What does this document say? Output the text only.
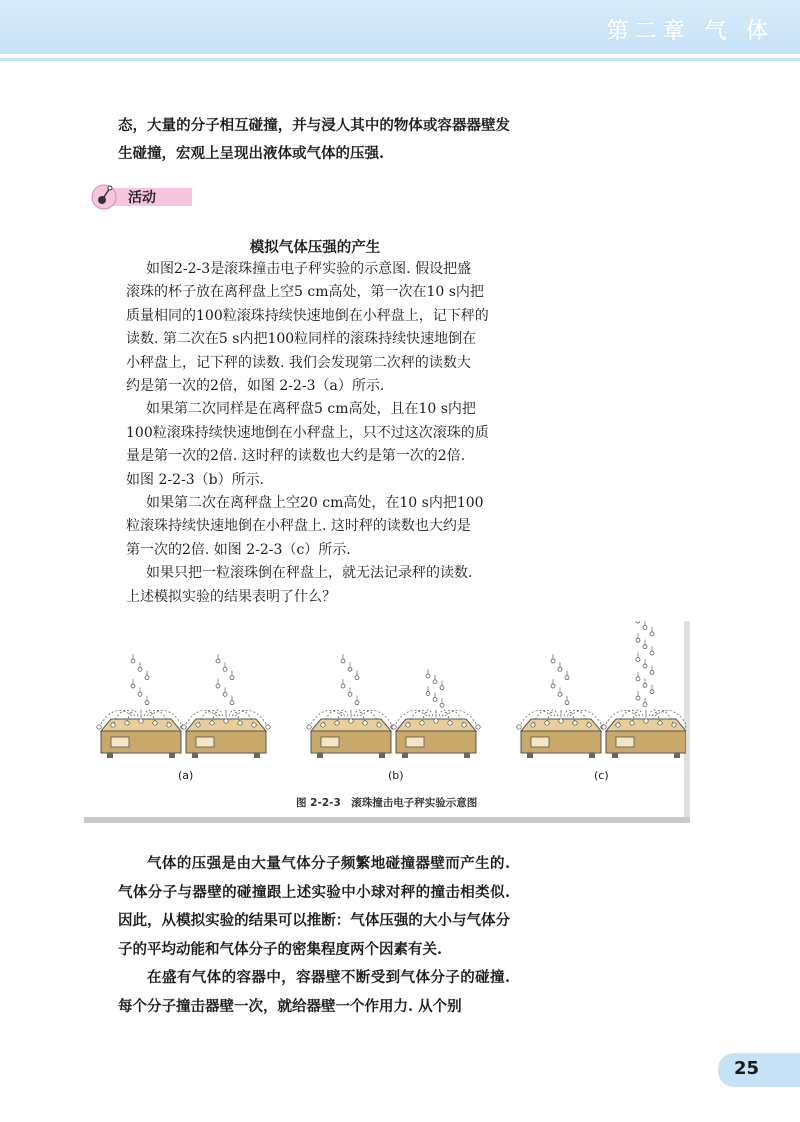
第二章 气 体

态，大量的分子相互碰撞，并与浸人其中的物体或容器器壁发生碰撞，宏观上呈现出液体或气体的压强.

活动
模拟气体压强的产生

如图2-2-3是滚珠撞击电子秤实验的示意图. 假设把盛
滚珠的杯子放在离秤盘上空5 cm高处，第一次在10 s内把
质量相同的100粒滚珠持续快速地倒在小秤盘上，记下秤的
读数. 第二次在5 s内把100粒同样的滚珠持续快速地倒在
小秤盘上，记下秤的读数. 我们会发现第二次秤的读数大
约是第一次的2倍，如图 2-2-3（a）所示.
如果第二次同样是在离秤盘5 cm高处，且在10 s内把
100粒滚珠持续快速地倒在小秤盘上，只不过这次滚珠的质
量是第一次的2倍. 这时秤的读数也大约是第一次的2倍.
如图 2-2-3（b）所示.
如果第二次在离秤盘上空20 cm高处，在10 s内把100
粒滚珠持续快速地倒在小秤盘上. 这时秤的读数也大约是
第一次的2倍. 如图 2-2-3（c）所示.
如果只把一粒滚珠倒在秤盘上，就无法记录秤的读数.
上述模拟实验的结果表明了什么？

(a)	(b)	(c)
图 2-2-3　滚珠撞击电子秤实验示意图

气体的压强是由大量气体分子频繁地碰撞器壁而产生的. 气体分子与器壁的碰撞跟上述实验中小球对秤的撞击相类似. 因此，从模拟实验的结果可以推断：气体压强的大小与气体分子的平均动能和气体分子的密集程度两个因素有关.

在盛有气体的容器中，容器壁不断受到气体分子的碰撞. 每个分子撞击器壁一次，就给器壁一个作用力. 从个别

25
